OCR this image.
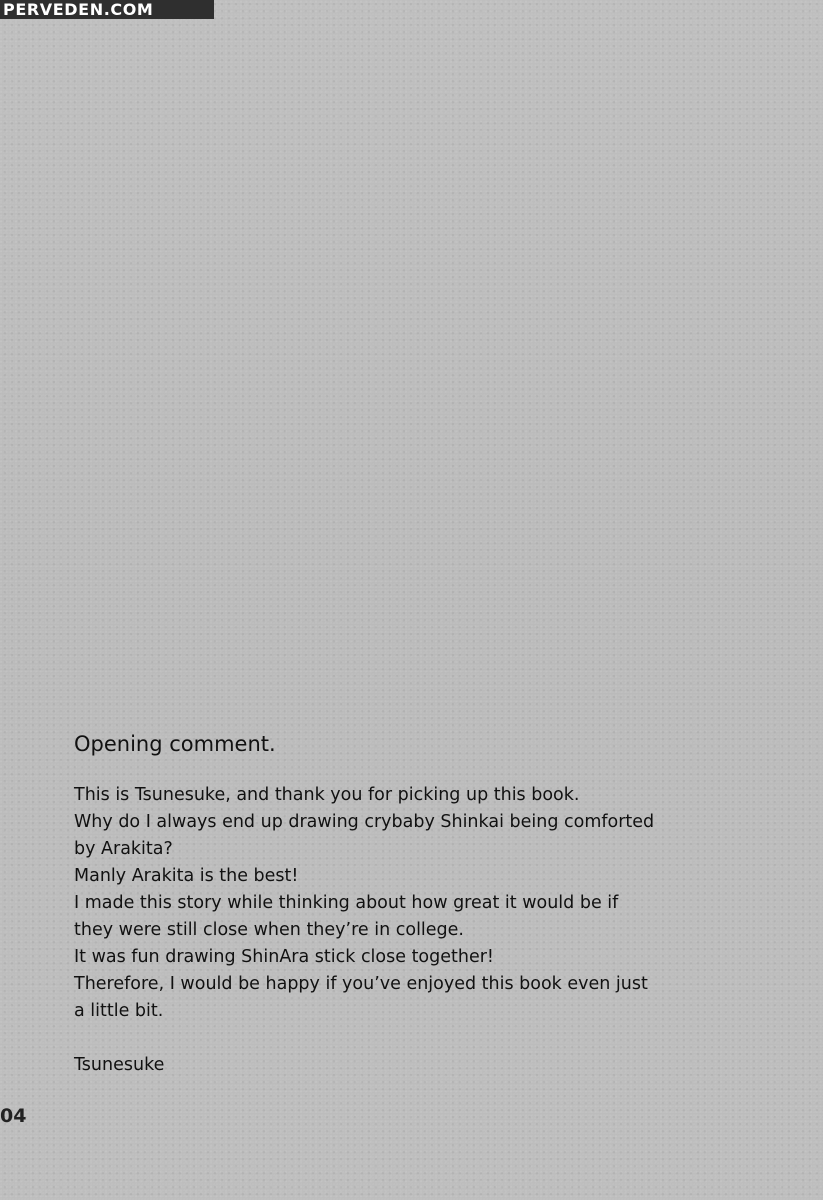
PERVEDEN.COM
Opening comment.

This is Tsunesuke, and thank you for picking up this book.

Why do I always end up drawing crybaby Shinkai being comforted

by Arakita?

Manly Arakita is the best!

I made this story while thinking about how great it would be if

they were still close when they’re in college.

It was fun drawing ShinAra stick close together!

Therefore, I would be happy if you’ve enjoyed this book even just

a little bit.

Tsunesuke
04
